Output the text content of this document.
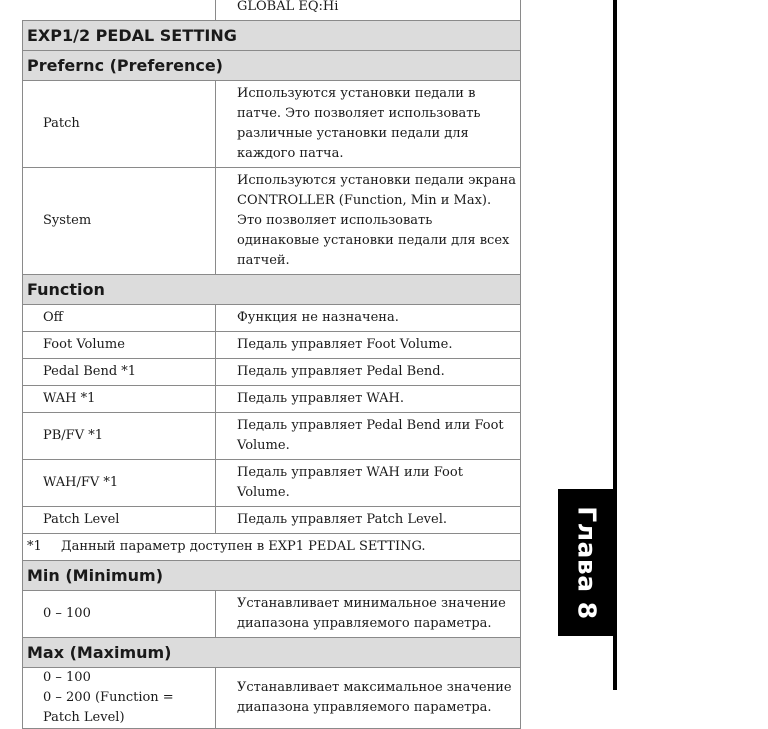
	GLOBAL EQ:Hi
EXP1/2 PEDAL SETTING	
Prefernc (Preference)	
Patch	Используются установки педали в патче. Это позволяет использовать различные установки педали для каждого патча.
System	Используются установки педали экрана CONTROLLER (Function, Min и Max). Это позволяет использовать одинаковые установки педали для всех патчей.
Function	
Off	Функция не назначена.
Foot Volume	Педаль управляет Foot Volume.
Pedal Bend *1	Педаль управляет Pedal Bend.
WAH *1	Педаль управляет WAH.
PB/FV *1	Педаль управляет Pedal Bend или Foot Volume.
WAH/FV *1	Педаль управляет WAH или Foot Volume.
Patch Level	Педаль управляет Patch Level.
*1 Данный параметр доступен в EXP1 PEDAL SETTING.	
Min (Minimum)	
0 – 100	Устанавливает минимальное значение диапазона управляемого параметра.
Max (Maximum)	

0 – 100
0 – 200 (Function =
Patch Level)	Устанавливает максимальное значение диапазона управляемого параметра.
Глава 8
